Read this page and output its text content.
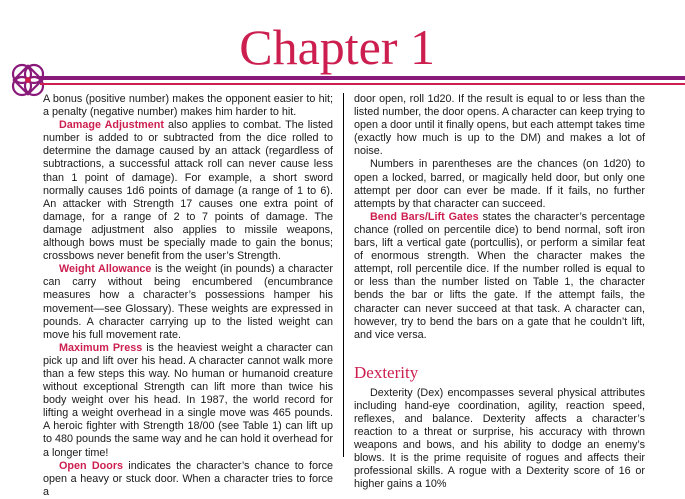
Chapter 1

A bonus (positive number) makes the opponent easier to hit; a penalty (negative number) makes him harder to hit.

Damage Adjustment also applies to combat. The listed number is added to or subtracted from the dice rolled to determine the damage caused by an attack (regardless of subtractions, a successful attack roll can never cause less than 1 point of damage). For example, a short sword normally causes 1d6 points of damage (a range of 1 to 6). An attacker with Strength 17 causes one extra point of damage, for a range of 2 to 7 points of damage. The damage adjustment also applies to missile weapons, although bows must be specially made to gain the bonus; crossbows never benefit from the user’s Strength.

Weight Allowance is the weight (in pounds) a character can carry without being encumbered (encumbrance measures how a character’s possessions hamper his movement—see Glossary). These weights are expressed in pounds. A character carrying up to the listed weight can move his full movement rate.

Maximum Press is the heaviest weight a character can pick up and lift over his head. A character cannot walk more than a few steps this way. No human or humanoid creature without exceptional Strength can lift more than twice his body weight over his head. In 1987, the world record for lifting a weight overhead in a single move was 465 pounds. A heroic fighter with Strength 18/00 (see Table 1) can lift up to 480 pounds the same way and he can hold it overhead for a longer time!

Open Doors indicates the character’s chance to force open a heavy or stuck door. When a character tries to force a

door open, roll 1d20. If the result is equal to or less than the listed number, the door opens. A character can keep trying to open a door until it finally opens, but each attempt takes time (exactly how much is up to the DM) and makes a lot of noise.

Numbers in parentheses are the chances (on 1d20) to open a locked, barred, or magically held door, but only one attempt per door can ever be made. If it fails, no further attempts by that character can succeed.

Bend Bars/Lift Gates states the character’s percentage chance (rolled on percentile dice) to bend normal, soft iron bars, lift a vertical gate (portcullis), or perform a similar feat of enormous strength. When the character makes the attempt, roll percentile dice. If the number rolled is equal to or less than the number listed on Table 1, the character bends the bar or lifts the gate. If the attempt fails, the character can never succeed at that task. A character can, however, try to bend the bars on a gate that he couldn’t lift, and vice versa.

Dexterity

Dexterity (Dex) encompasses several physical attributes including hand-eye coordination, agility, reaction speed, reflexes, and balance. Dexterity affects a character’s reaction to a threat or surprise, his accuracy with thrown weapons and bows, and his ability to dodge an enemy’s blows. It is the prime requisite of rogues and affects their professional skills. A rogue with a Dexterity score of 16 or higher gains a 10%
